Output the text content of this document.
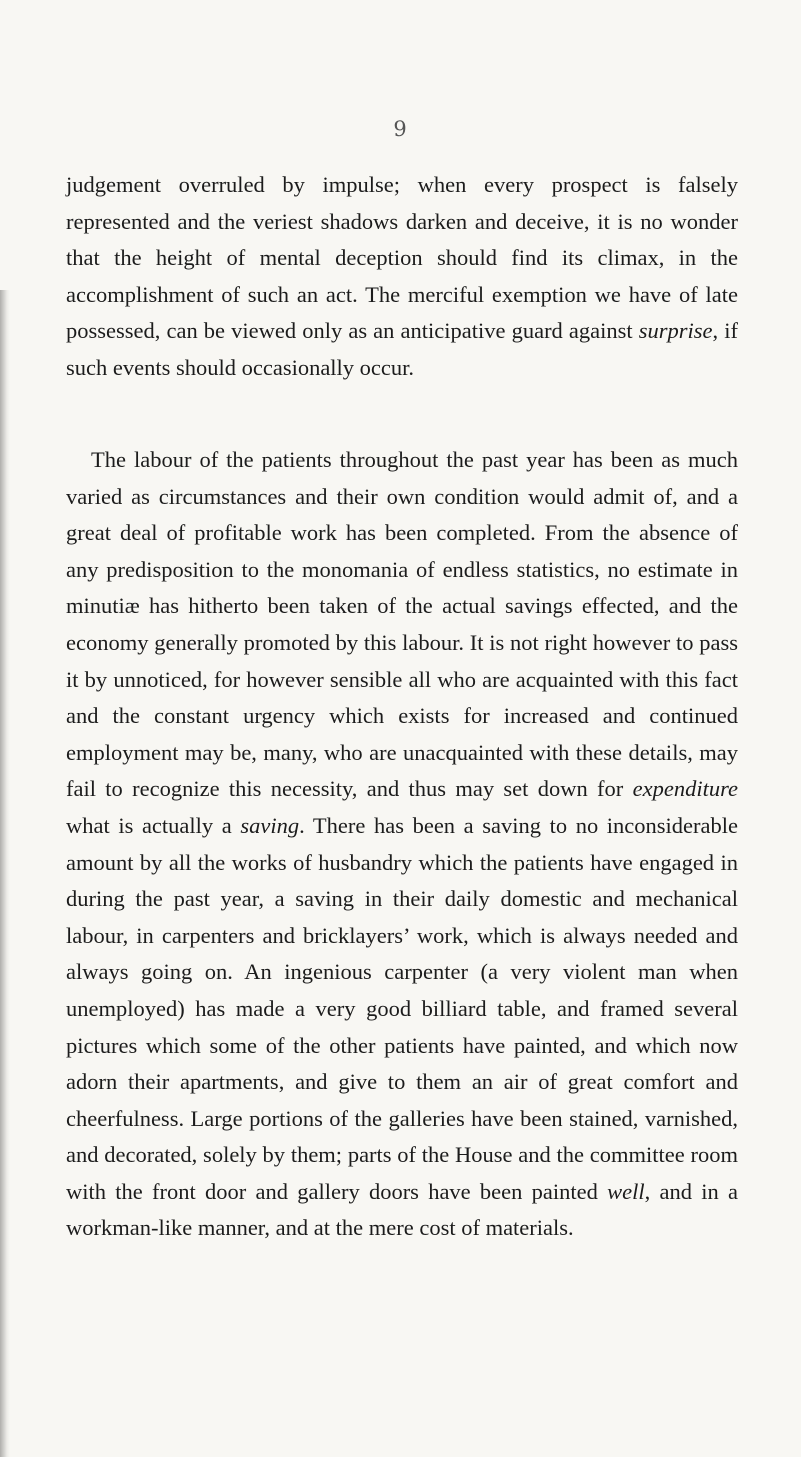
9

judgement overruled by impulse; when every prospect is falsely represented and the veriest shadows darken and deceive, it is no wonder that the height of mental deception should find its climax, in the accomplishment of such an act. The merciful exemption we have of late possessed, can be viewed only as an anticipative guard against surprise, if such events should occasionally occur.

The labour of the patients throughout the past year has been as much varied as circumstances and their own condition would admit of, and a great deal of profitable work has been completed. From the absence of any predisposition to the monomania of endless statistics, no estimate in minutiæ has hitherto been taken of the actual savings effected, and the economy generally promoted by this labour. It is not right however to pass it by unnoticed, for however sensible all who are acquainted with this fact and the constant urgency which exists for increased and continued employment may be, many, who are unacquainted with these details, may fail to recognize this necessity, and thus may set down for expenditure what is actually a saving. There has been a saving to no inconsiderable amount by all the works of husbandry which the patients have engaged in during the past year, a saving in their daily domestic and mechanical labour, in carpenters and bricklayers’ work, which is always needed and always going on. An ingenious carpenter (a very violent man when unemployed) has made a very good billiard table, and framed several pictures which some of the other patients have painted, and which now adorn their apartments, and give to them an air of great comfort and cheerfulness. Large portions of the galleries have been stained, varnished, and decorated, solely by them; parts of the House and the committee room with the front door and gallery doors have been painted well, and in a workman-like manner, and at the mere cost of materials.
